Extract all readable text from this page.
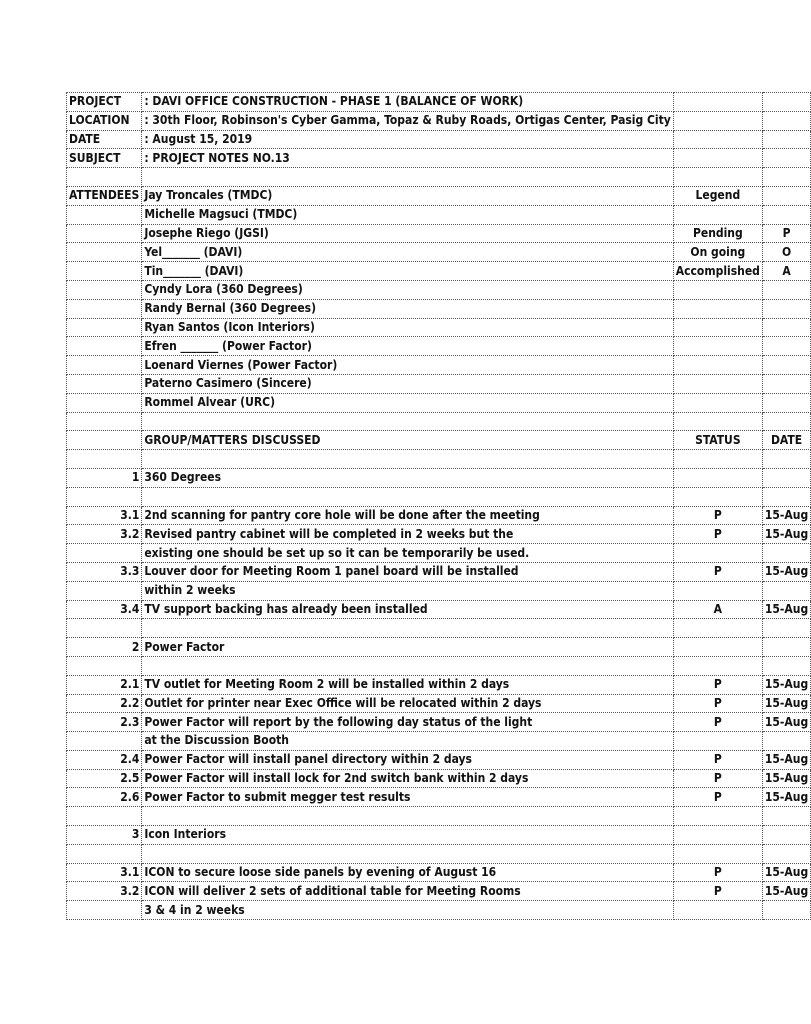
PROJECT	: DAVI OFFICE CONSTRUCTION - PHASE 1 (BALANCE OF WORK)		
LOCATION	: 30th Floor, Robinson's Cyber Gamma, Topaz & Ruby Roads, Ortigas Center, Pasig City		
DATE	: August 15, 2019		
SUBJECT	: PROJECT NOTES NO.13		

ATTENDEES	Jay Troncales (TMDC)	Legend	
	Michelle Magsuci (TMDC)		
	Josephe Riego (JGSI)	Pending	P
	Yel_______ (DAVI)	On going	O
	Tin_______ (DAVI)	Accomplished	A
	Cyndy Lora (360 Degrees)		
	Randy Bernal (360 Degrees)		
	Ryan Santos (Icon Interiors)		
	Efren _______ (Power Factor)		
	Loenard Viernes (Power Factor)		
	Paterno Casimero (Sincere)		
	Rommel Alvear (URC)		

	GROUP/MATTERS DISCUSSED	STATUS	DATE

1	360 Degrees		

3.1	2nd scanning for pantry core hole will be done after the meeting	P	15-Aug
3.2	Revised pantry cabinet will be completed in 2 weeks but the	P	15-Aug
	existing one should be set up so it can be temporarily be used.		
3.3	Louver door for Meeting Room 1 panel board will be installed	P	15-Aug
	within 2 weeks		
3.4	TV support backing has already been installed	A	15-Aug

2	Power Factor		

2.1	TV outlet for Meeting Room 2 will be installed within 2 days	P	15-Aug
2.2	Outlet for printer near Exec Office will be relocated within 2 days	P	15-Aug
2.3	Power Factor will report by the following day status of the light	P	15-Aug
	at the Discussion Booth		
2.4	Power Factor will install panel directory within 2 days	P	15-Aug
2.5	Power Factor will install lock for 2nd switch bank within 2 days	P	15-Aug
2.6	Power Factor to submit megger test results	P	15-Aug

3	Icon Interiors		

3.1	ICON to secure loose side panels by evening of August 16	P	15-Aug
3.2	ICON will deliver 2 sets of additional table for Meeting Rooms	P	15-Aug
	3 & 4 in 2 weeks		
